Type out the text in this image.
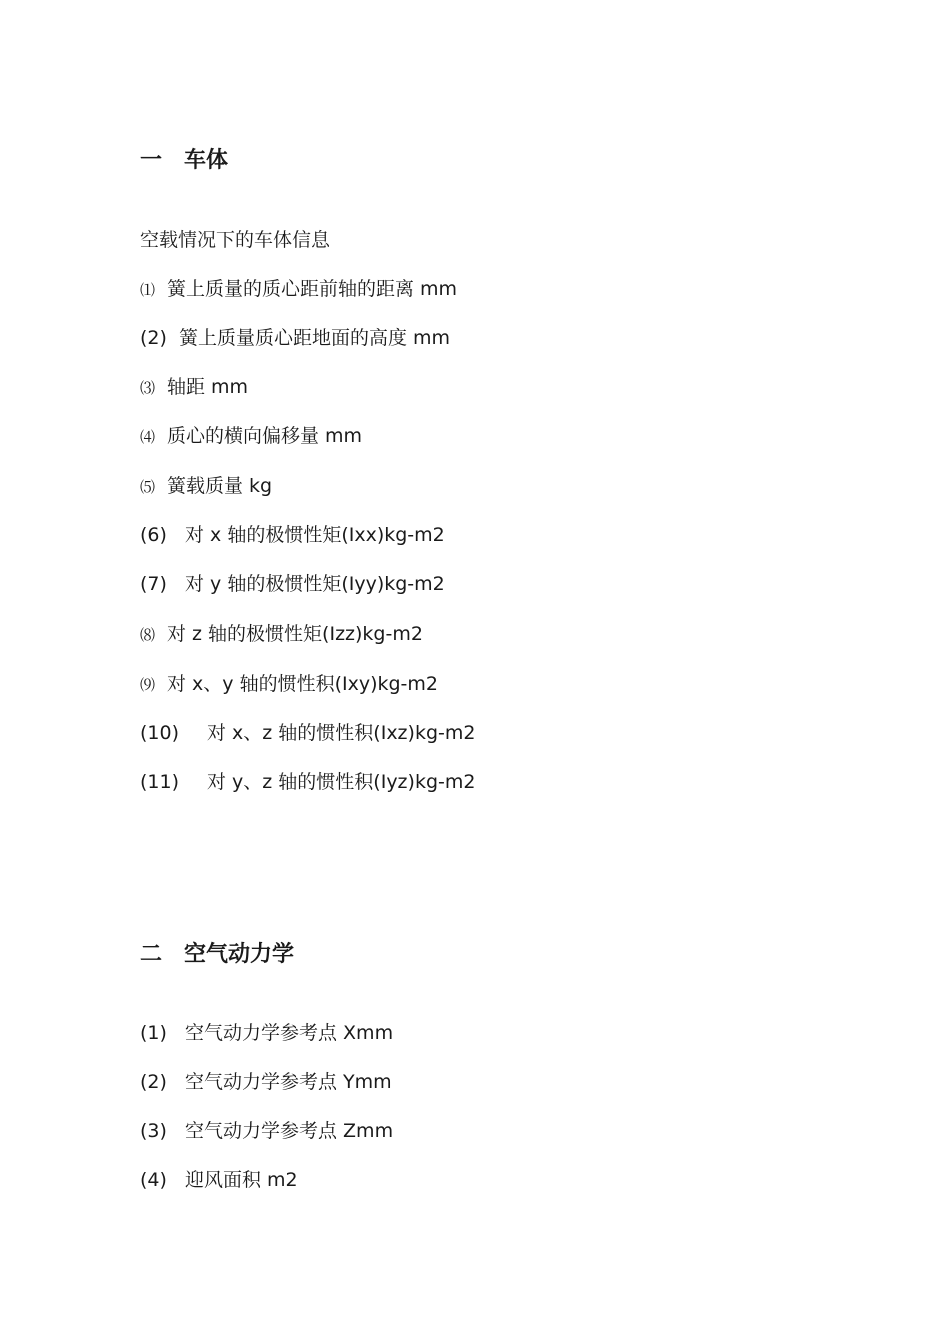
一 车体

空载情况下的车体信息

⑴ 簧上质量的质心距前轴的距离 mm

(2) 簧上质量质心距地面的高度 mm

⑶ 轴距 mm

⑷ 质心的横向偏移量 mm

⑸ 簧载质量 kg

(6) 对 x 轴的极惯性矩(Ixx)kg-m2

(7) 对 y 轴的极惯性矩(Iyy)kg-m2

⑻ 对 z 轴的极惯性矩(Izz)kg-m2

⑼ 对 x、y 轴的惯性积(Ixy)kg-m2

(10) 对 x、z 轴的惯性积(Ixz)kg-m2

(11) 对 y、z 轴的惯性积(Iyz)kg-m2

二 空气动力学

(1) 空气动力学参考点 Xmm

(2) 空气动力学参考点 Ymm

(3) 空气动力学参考点 Zmm

(4) 迎风面积 m2
